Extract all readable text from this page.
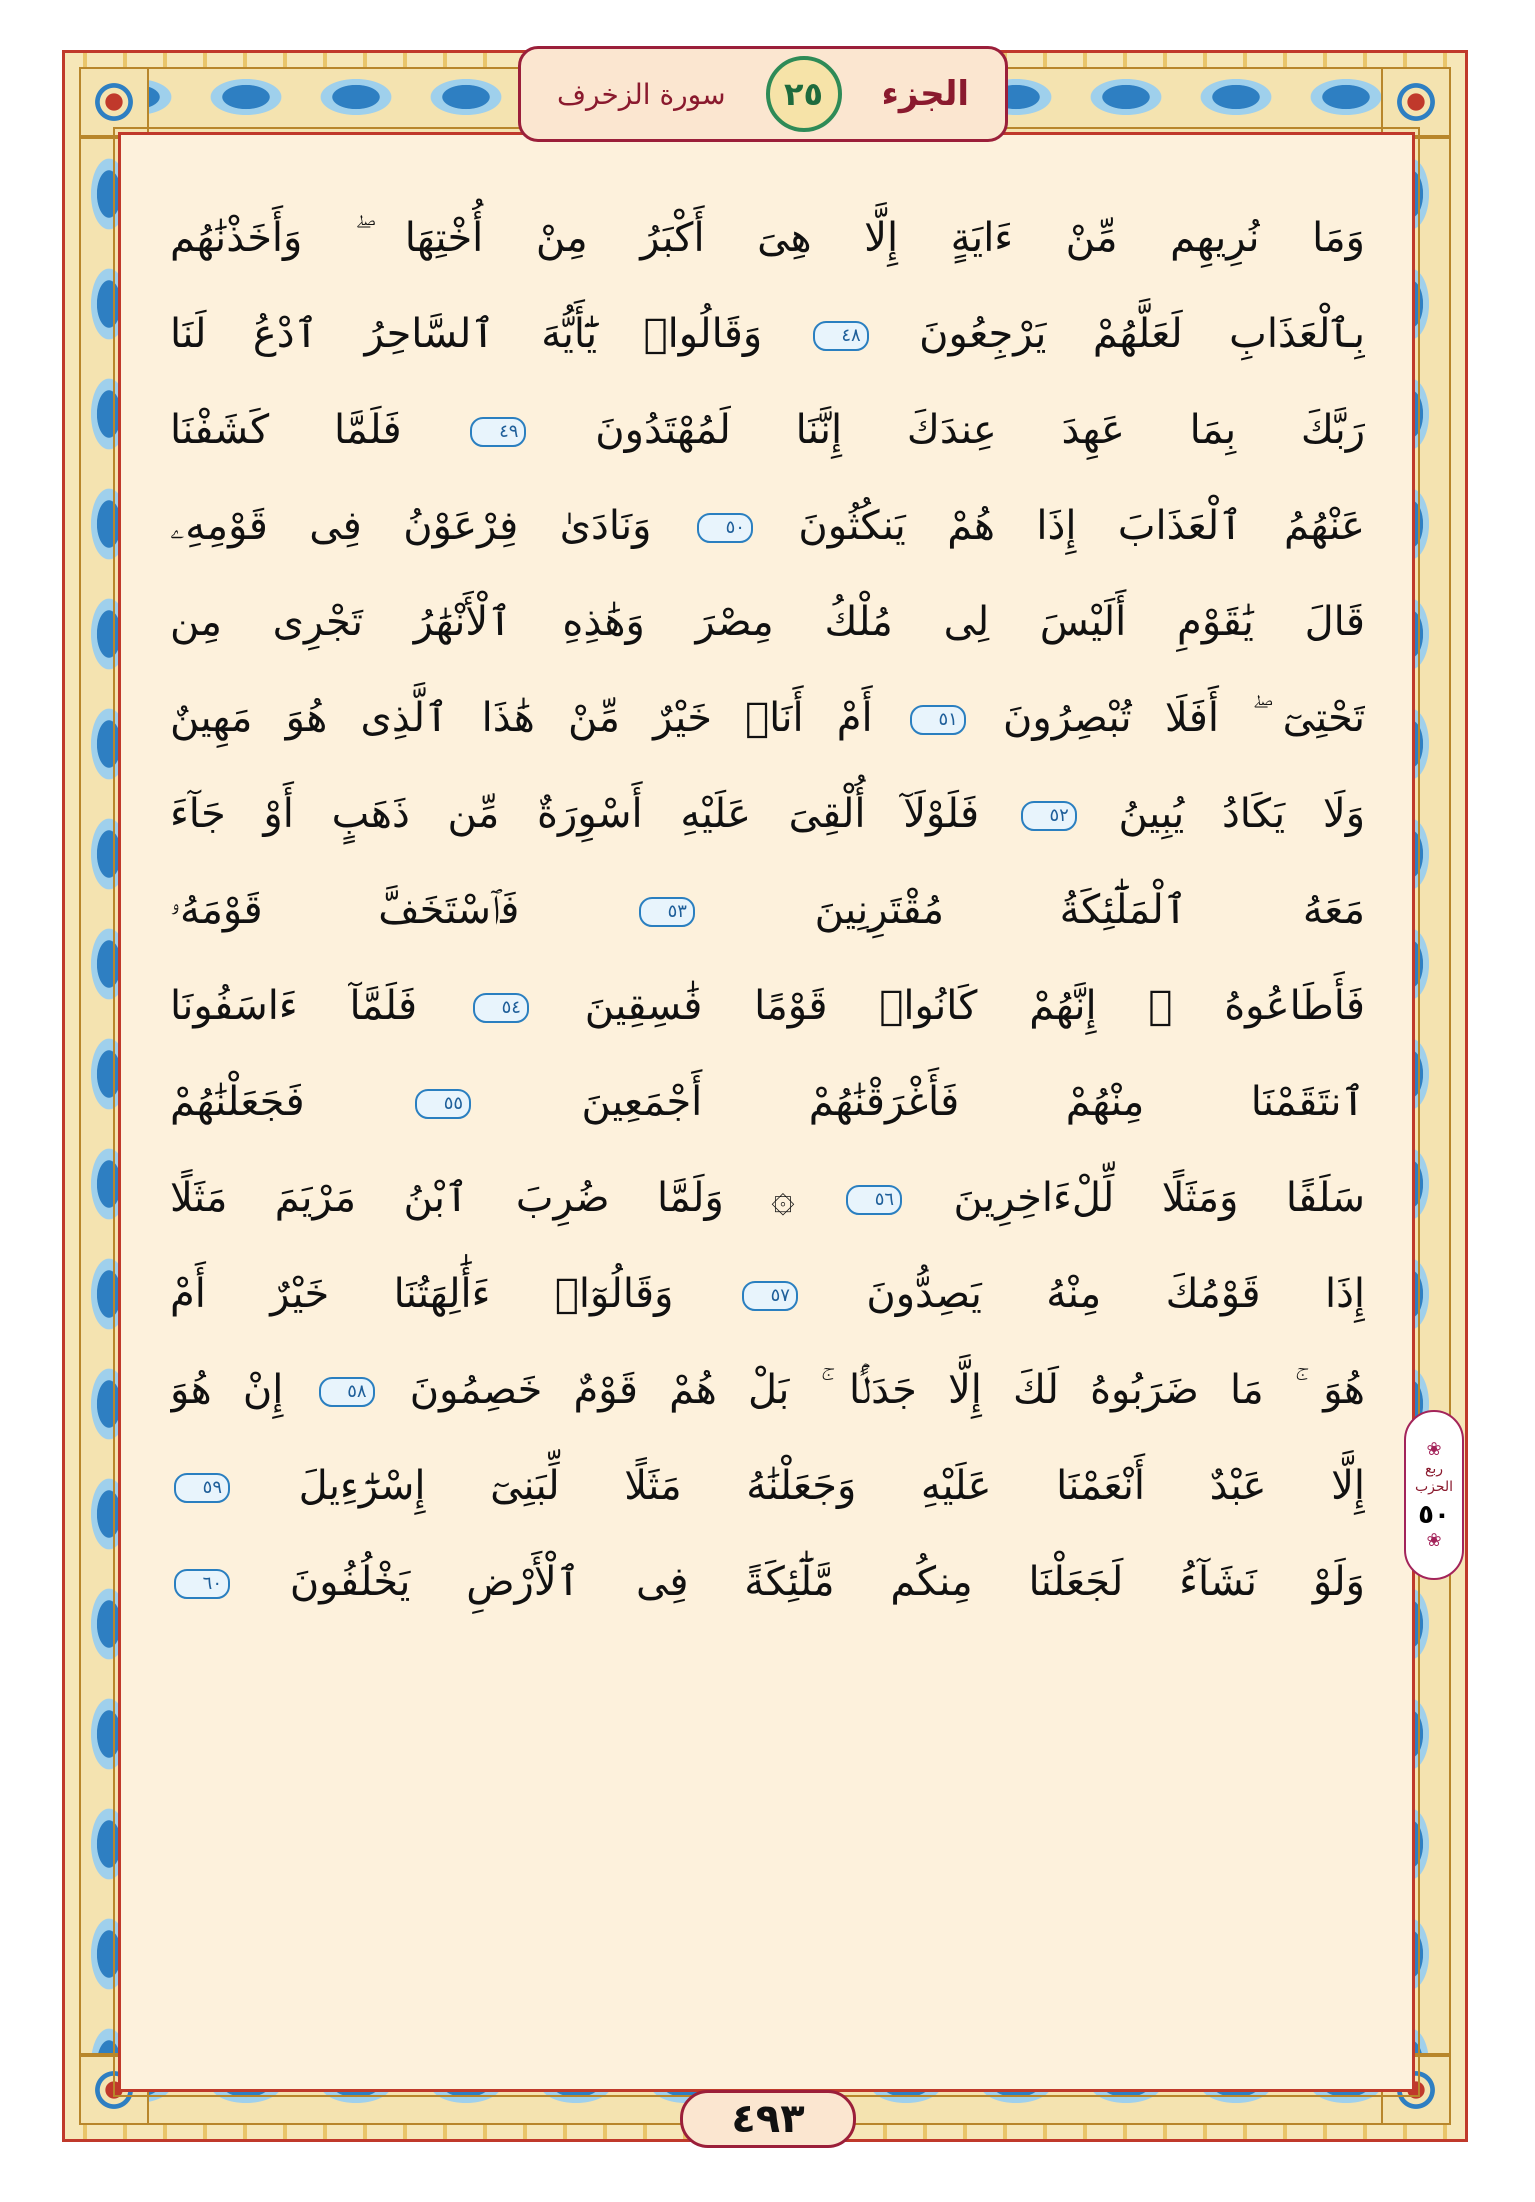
سورة الزخرف	٢٥	الجزء
وَمَا نُرِيهِم مِّنْ ءَايَةٍ إِلَّا هِىَ أَكْبَرُ مِنْ أُخْتِهَا ۖ وَأَخَذْنَٰهُم
بِٱلْعَذَابِ لَعَلَّهُمْ يَرْجِعُونَ ٤٨ وَقَالُوا۟ يَٰٓأَيُّهَ ٱلسَّاحِرُ ٱدْعُ لَنَا
رَبَّكَ بِمَا عَهِدَ عِندَكَ إِنَّنَا لَمُهْتَدُونَ ٤٩ فَلَمَّا كَشَفْنَا
عَنْهُمُ ٱلْعَذَابَ إِذَا هُمْ يَنكُثُونَ ٥٠ وَنَادَىٰ فِرْعَوْنُ فِى قَوْمِهِۦ
قَالَ يَٰقَوْمِ أَلَيْسَ لِى مُلْكُ مِصْرَ وَهَٰذِهِ ٱلْأَنْهَٰرُ تَجْرِى مِن
تَحْتِىٓ ۖ أَفَلَا تُبْصِرُونَ ٥١ أَمْ أَنَا۠ خَيْرٌ مِّنْ هَٰذَا ٱلَّذِى هُوَ مَهِينٌ
وَلَا يَكَادُ يُبِينُ ٥٢ فَلَوْلَآ أُلْقِىَ عَلَيْهِ أَسْوِرَةٌ مِّن ذَهَبٍ أَوْ جَآءَ
مَعَهُ ٱلْمَلَٰٓئِكَةُ مُقْتَرِنِينَ ٥٣ فَٱسْتَخَفَّ قَوْمَهُۥ
فَأَطَاعُوهُ ۚ إِنَّهُمْ كَانُوا۟ قَوْمًا فَٰسِقِينَ ٥٤ فَلَمَّآ ءَاسَفُونَا
ٱنتَقَمْنَا مِنْهُمْ فَأَغْرَقْنَٰهُمْ أَجْمَعِينَ ٥٥ فَجَعَلْنَٰهُمْ
سَلَفًا وَمَثَلًا لِّلْءَاخِرِينَ ٥٦ ۞ وَلَمَّا ضُرِبَ ٱبْنُ مَرْيَمَ مَثَلًا
إِذَا قَوْمُكَ مِنْهُ يَصِدُّونَ ٥٧ وَقَالُوٓا۟ ءَأَٰلِهَتُنَا خَيْرٌ أَمْ
هُوَ ۚ مَا ضَرَبُوهُ لَكَ إِلَّا جَدَلًۢا ۚ بَلْ هُمْ قَوْمٌ خَصِمُونَ ٥٨ إِنْ هُوَ
إِلَّا عَبْدٌ أَنْعَمْنَا عَلَيْهِ وَجَعَلْنَٰهُ مَثَلًا لِّبَنِىٓ إِسْرَٰٓءِيلَ ٥٩
وَلَوْ نَشَآءُ لَجَعَلْنَا مِنكُم مَّلَٰٓئِكَةً فِى ٱلْأَرْضِ يَخْلُفُونَ ٦٠
❀
ربع الحزب
٥٠
❀
٤٩٣
